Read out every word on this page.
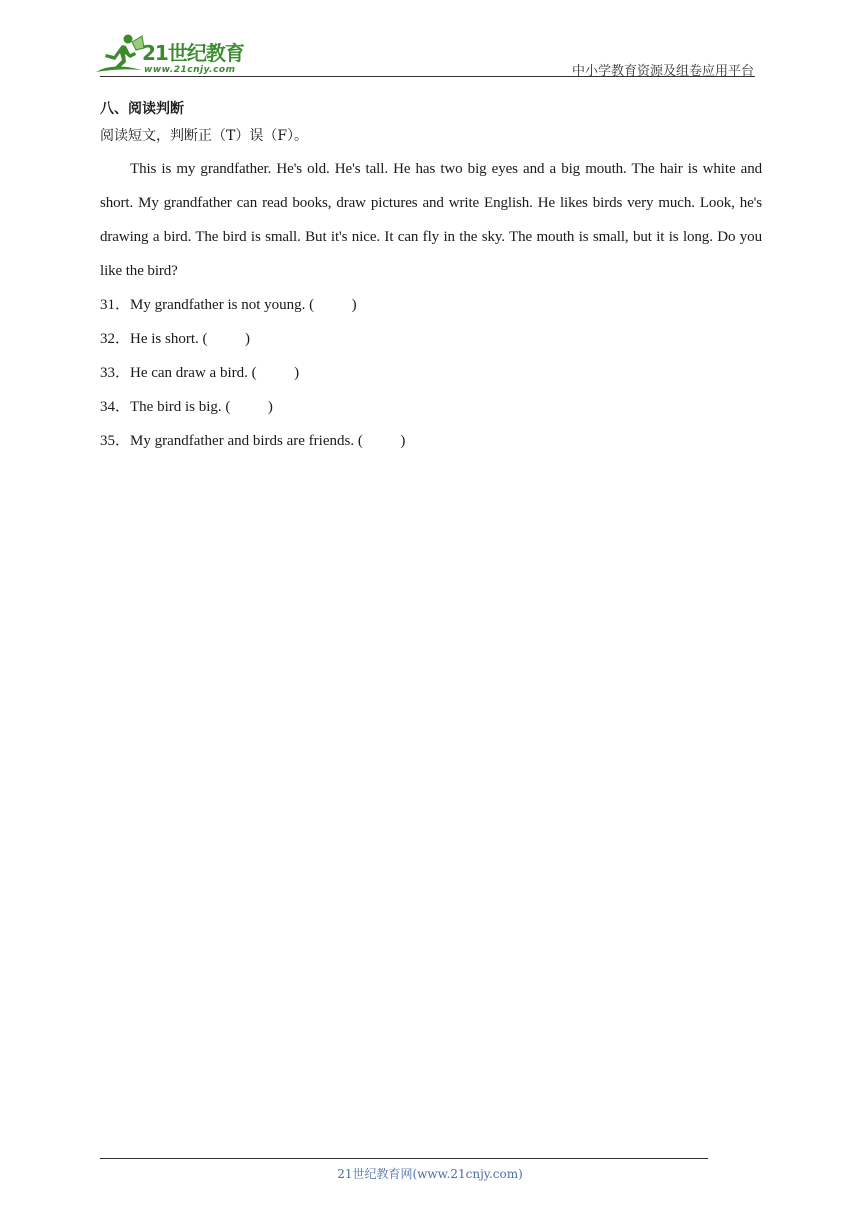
21世纪教育
www.21cnjy.com	中小学教育资源及组卷应用平台

八、阅读判断

阅读短文，判断正（T）误（F）。

This is my grandfather. He's old. He's tall. He has two big eyes and a big mouth. The hair is white and short. My grandfather can read books, draw pictures and write English. He likes birds very much. Look, he's drawing a bird. The bird is small. But it's nice. It can fly in the sky. The mouth is small, but it is long. Do you like the bird?

31．My grandfather is not young. (          )
32．He is short. (          )
33．He can draw a bird. (          )
34．The bird is big. (          )
35．My grandfather and birds are friends. (          )
21世纪教育网(www.21cnjy.com)
